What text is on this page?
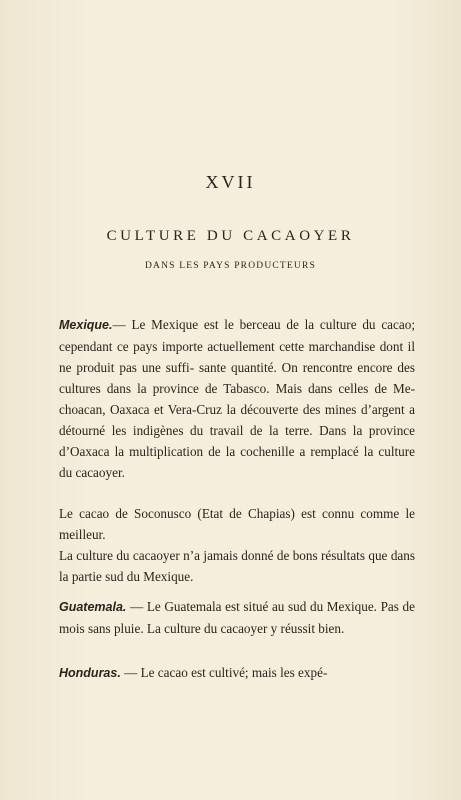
XVII
CULTURE DU CACAOYER
DANS LES PAYS PRODUCTEURS

Mexique.— Le Mexique est le berceau de la culture du cacao; cependant ce pays importe actuellement cette marchandise dont il ne produit pas une suffi- sante quantité. On rencontre encore des cultures dans la province de Tabasco. Mais dans celles de Me- choacan, Oaxaca et Vera-Cruz la découverte des mines d’argent a détourné les indigènes du travail de la terre. Dans la province d’Oaxaca la multiplication de la cochenille a remplacé la culture du cacaoyer.

Le cacao de Soconusco (Etat de Chapias) est connu comme le meilleur.

La culture du cacaoyer n’a jamais donné de bons résultats que dans la partie sud du Mexique.

Guatemala. — Le Guatemala est situé au sud du Mexique. Pas de mois sans pluie. La culture du cacaoyer y réussit bien.

Honduras. — Le cacao est cultivé; mais les expé-
